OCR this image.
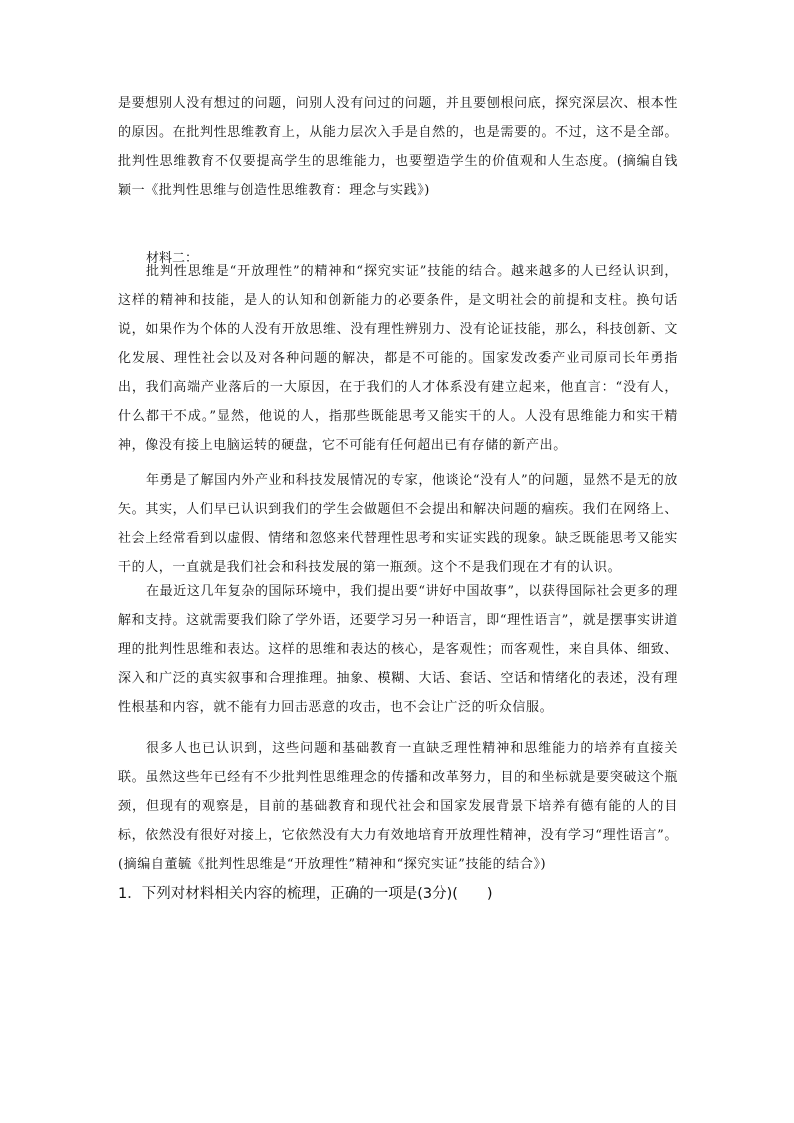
是要想别人没有想过的问题，问别人没有问过的问题，并且要刨根问底，探究深层次、根本性的原因。在批判性思维教育上，从能力层次入手是自然的，也是需要的。不过，这不是全部。批判性思维教育不仅要提高学生的思维能力，也要塑造学生的价值观和人生态度。(摘编自钱颖一《批判性思维与创造性思维教育：理念与实践》)
材料二：
批判性思维是“开放理性”的精神和“探究实证”技能的结合。越来越多的人已经认识到，这样的精神和技能，是人的认知和创新能力的必要条件，是文明社会的前提和支柱。换句话说，如果作为个体的人没有开放思维、没有理性辨别力、没有论证技能，那么，科技创新、文化发展、理性社会以及对各种问题的解决，都是不可能的。国家发改委产业司原司长年勇指出，我们高端产业落后的一大原因，在于我们的人才体系没有建立起来，他直言：“没有人，什么都干不成。”显然，他说的人，指那些既能思考又能实干的人。人没有思维能力和实干精神，像没有接上电脑运转的硬盘，它不可能有任何超出已有存储的新产出。
年勇是了解国内外产业和科技发展情况的专家，他谈论“没有人”的问题，显然不是无的放矢。其实，人们早已认识到我们的学生会做题但不会提出和解决问题的痼疾。我们在网络上、社会上经常看到以虚假、情绪和忽悠来代替理性思考和实证实践的现象。缺乏既能思考又能实干的人，一直就是我们社会和科技发展的第一瓶颈。这个不是我们现在才有的认识。
在最近这几年复杂的国际环境中，我们提出要“讲好中国故事”，以获得国际社会更多的理解和支持。这就需要我们除了学外语，还要学习另一种语言，即“理性语言”，就是摆事实讲道理的批判性思维和表达。这样的思维和表达的核心，是客观性；而客观性，来自具体、细致、深入和广泛的真实叙事和合理推理。抽象、模糊、大话、套话、空话和情绪化的表述，没有理性根基和内容，就不能有力回击恶意的攻击，也不会让广泛的听众信服。
很多人也已认识到，这些问题和基础教育一直缺乏理性精神和思维能力的培养有直接关联。虽然这些年已经有不少批判性思维理念的传播和改革努力，目的和坐标就是要突破这个瓶颈，但现有的观察是，目前的基础教育和现代社会和国家发展背景下培养有德有能的人的目标，依然没有很好对接上，它依然没有大力有效地培育开放理性精神，没有学习“理性语言”。(摘编自董毓《批判性思维是“开放理性”精神和“探究实证”技能的结合》)
1．下列对材料相关内容的梳理，正确的一项是(3分)(　　)
